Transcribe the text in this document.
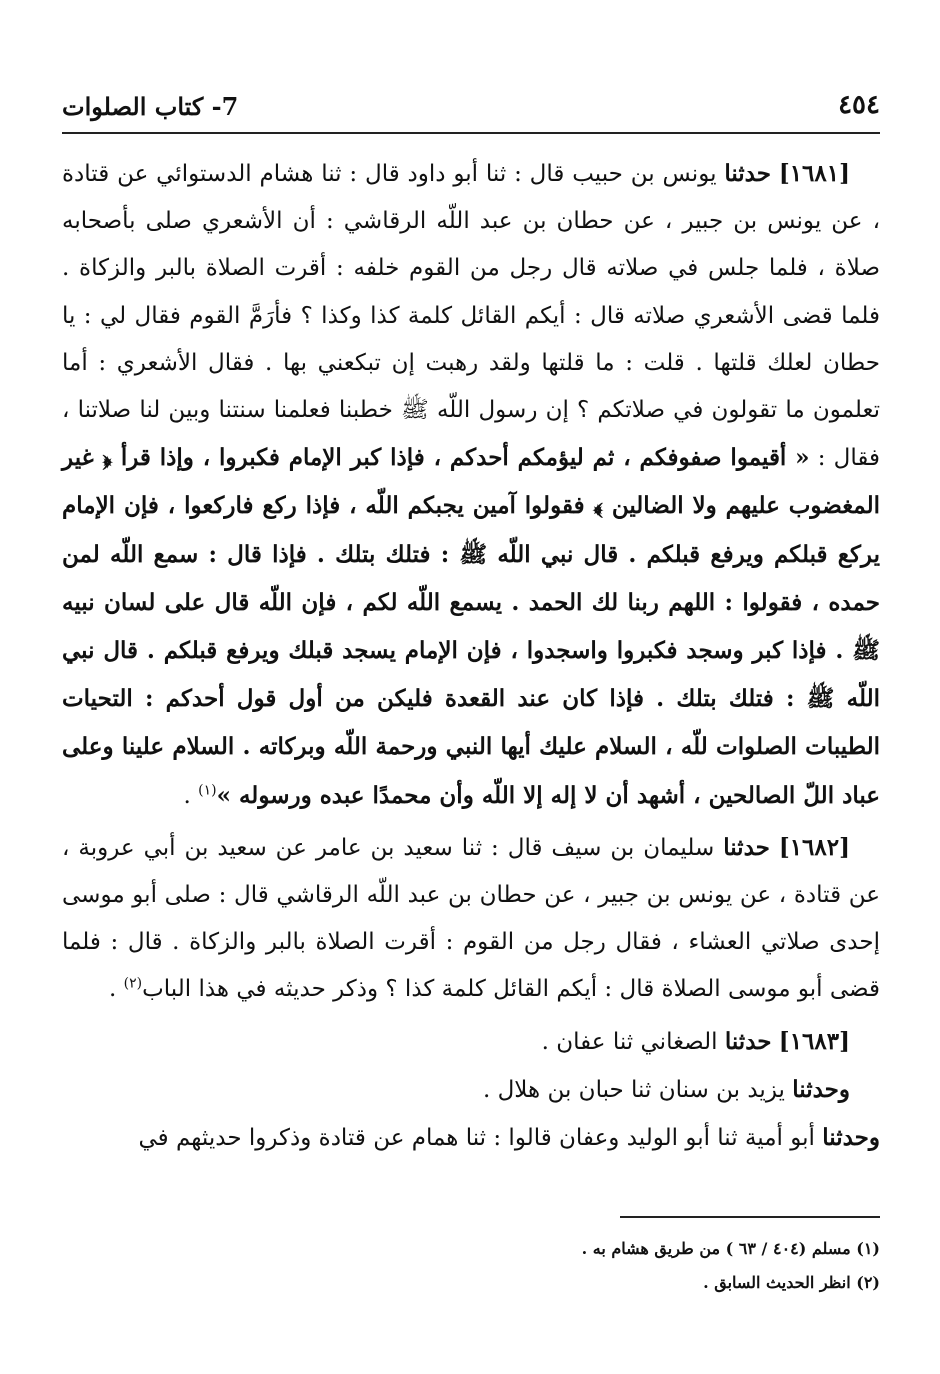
٤٥٤
7- كتاب الصلوات

[١٦٨١] حدثنا يونس بن حبيب قال : ثنا أبو داود قال : ثنا هشام الدستوائي عن قتادة ، عن يونس بن جبير ، عن حطان بن عبد اللّه الرقاشي : أن الأشعري صلى بأصحابه صلاة ، فلما جلس في صلاته قال رجل من القوم خلفه : أقرت الصلاة بالبر والزكاة . فلما قضى الأشعري صلاته قال : أيكم القائل كلمة كذا وكذا ؟ فأرَمَّ القوم فقال لي : يا حطان لعلك قلتها . قلت : ما قلتها ولقد رهبت إن تبكعني بها . فقال الأشعري : أما تعلمون ما تقولون في صلاتكم ؟ إن رسول اللّه ﷺ خطبنا فعلمنا سنتنا وبين لنا صلاتنا ، فقال : « أقيموا صفوفكم ، ثم ليؤمكم أحدكم ، فإذا كبر الإمام فكبروا ، وإذا قرأ ﴿ غير المغضوب عليهم ولا الضالين ﴾ فقولوا آمين يجبكم اللّه ، فإذا ركع فاركعوا ، فإن الإمام يركع قبلكم ويرفع قبلكم . قال نبي اللّه ﷺ : فتلك بتلك . فإذا قال : سمع اللّه لمن حمده ، فقولوا : اللهم ربنا لك الحمد . يسمع اللّه لكم ، فإن اللّه قال على لسان نبيه ﷺ . فإذا كبر وسجد فكبروا واسجدوا ، فإن الإمام يسجد قبلك ويرفع قبلكم . قال نبي اللّه ﷺ : فتلك بتلك . فإذا كان عند القعدة فليكن من أول قول أحدكم : التحيات الطيبات الصلوات للّه ، السلام عليك أيها النبي ورحمة اللّه وبركاته . السلام علينا وعلى عباد اللّ الصالحين ، أشهد أن لا إله إلا اللّه وأن محمدًا عبده ورسوله »$^{(١)}$ .

[١٦٨٢] حدثنا سليمان بن سيف قال : ثنا سعيد بن عامر عن سعيد بن أبي عروبة ، عن قتادة ، عن يونس بن جبير ، عن حطان بن عبد اللّه الرقاشي قال : صلى أبو موسى إحدى صلاتي العشاء ، فقال رجل من القوم : أقرت الصلاة بالبر والزكاة . قال : فلما قضى أبو موسى الصلاة قال : أيكم القائل كلمة كذا ؟ وذكر حديثه في هذا الباب$^{(٢)}$ .

[١٦٨٣] حدثنا الصغاني ثنا عفان .

وحدثنا يزيد بن سنان ثنا حبان بن هلال .

وحدثنا أبو أمية ثنا أبو الوليد وعفان قالوا : ثنا همام عن قتادة وذكروا حديثهم في

(١) مسلم (٤٠٤ / ٦٣ ) من طريق هشام به .

(٢) انظر الحديث السابق .
